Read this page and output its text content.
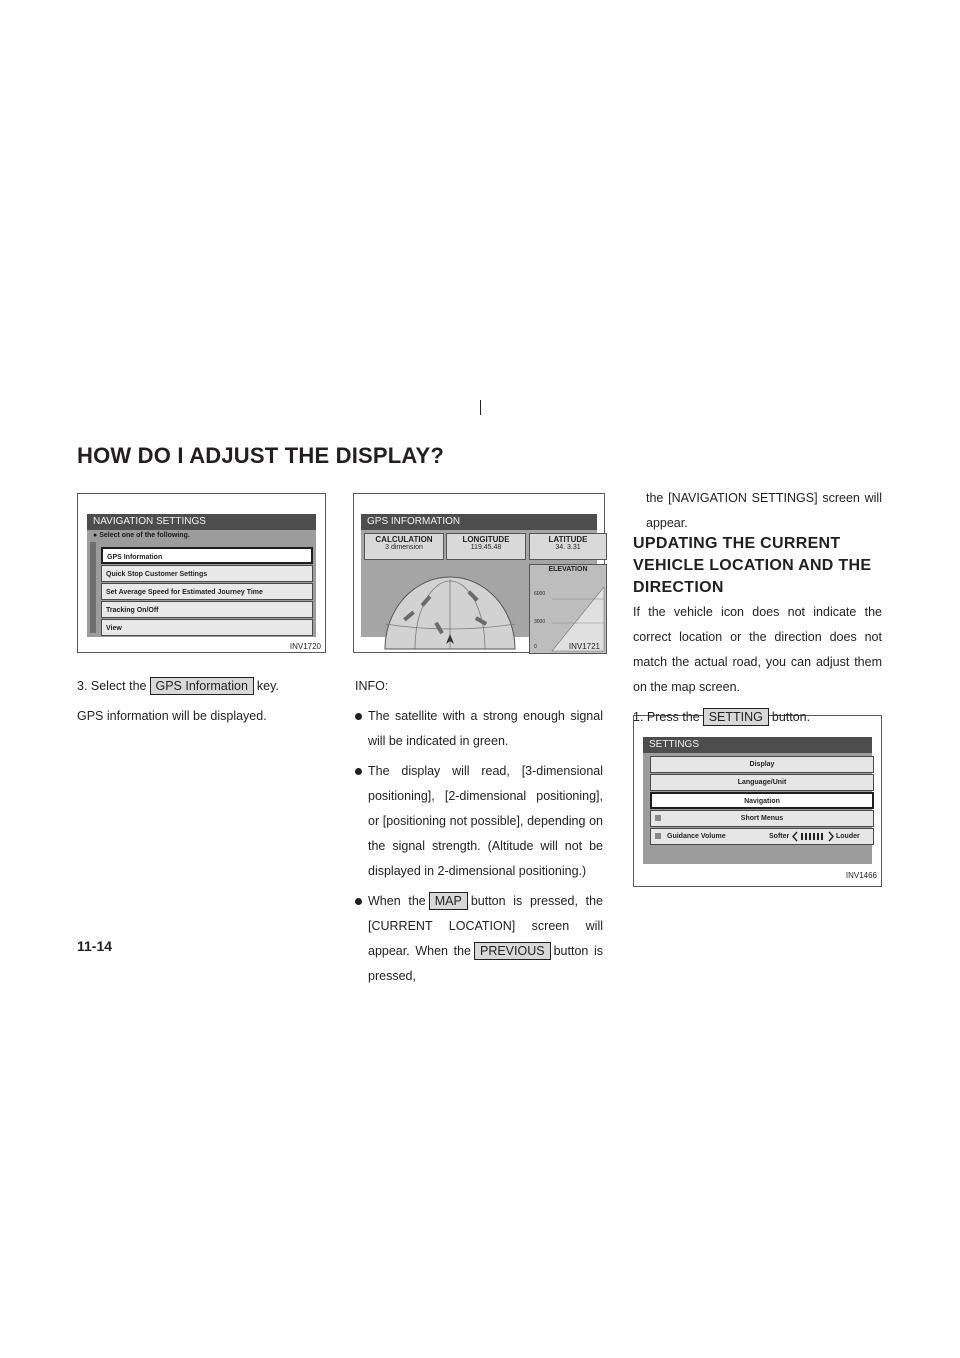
HOW DO I ADJUST THE DISPLAY?
NAVIGATION SETTINGS
● Select one of the following.
GPS Information
Quick Stop Customer Settings
Set Average Speed for Estimated Journey Time
Tracking On/Off
View
INV1720
GPS INFORMATION
CALCULATION
3 dimension
LONGITUDE
119.45.48
LATITUDE
34. 3.31
ELEVATION
6000
3000
0	INV1721
SETTINGS
Display
Language/Unit
Navigation
Short Menus
Guidance Volume	Softer	Louder
INV1466

3. Select the GPS Information key.

GPS information will be displayed.

INFO:

The satellite with a strong enough signal will be indicated in green.
The display will read, [3-dimensional positioning], [2-dimensional positioning], or [positioning not possible], depending on the signal strength. (Altitude will not be displayed in 2-dimensional positioning.)
When the MAP button is pressed, the [CURRENT LOCATION] screen will appear. When the PREVIOUS button is pressed,
the [NAVIGATION SETTINGS] screen will appear.
UPDATING THE CURRENT VEHICLE LOCATION AND THE DIRECTION

If the vehicle icon does not indicate the correct location or the direction does not match the actual road, you can adjust them on the map screen.

1. Press the SETTING button.

11-14
